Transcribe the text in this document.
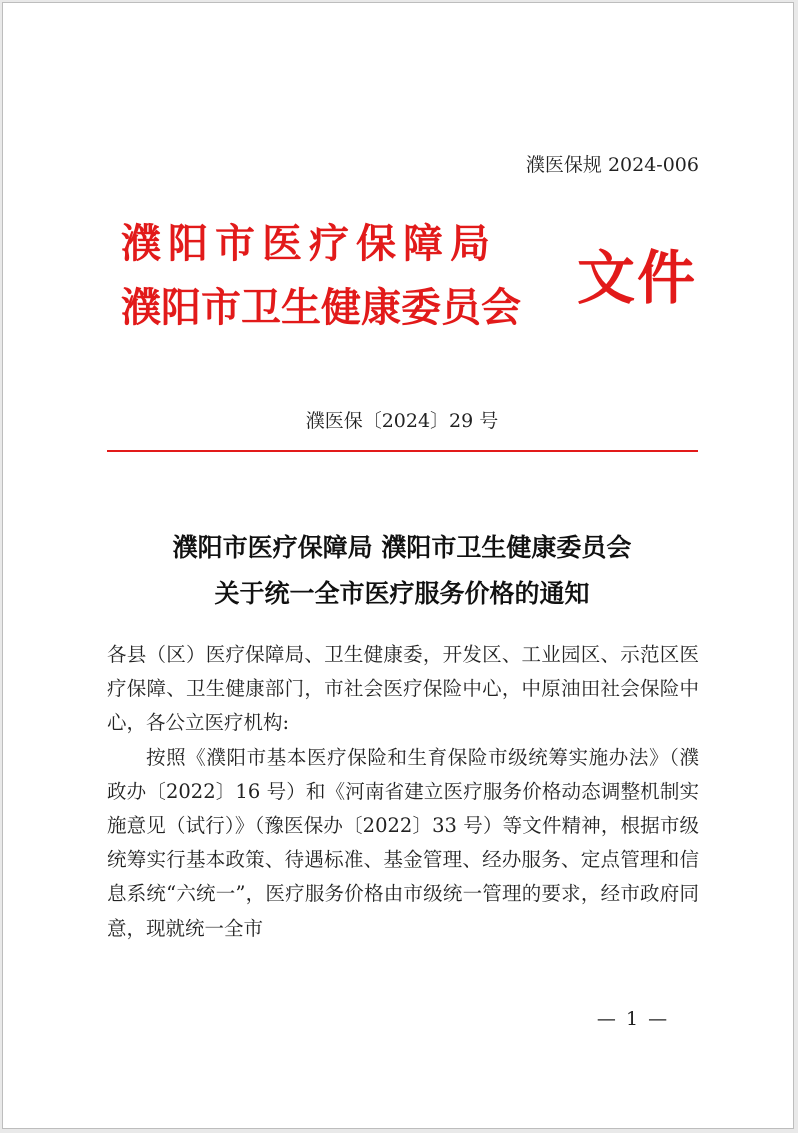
濮医保规 2024-006
濮阳市医疗保障局
濮阳市卫生健康委员会 文件
濮医保〔2024〕29 号
濮阳市医疗保障局 濮阳市卫生健康委员会
关于统一全市医疗服务价格的通知

各县（区）医疗保障局、卫生健康委，开发区、工业园区、示范区医疗保障、卫生健康部门，市社会医疗保险中心，中原油田社会保险中心，各公立医疗机构:

按照《濮阳市基本医疗保险和生育保险市级统筹实施办法》（濮政办〔2022〕16 号）和《河南省建立医疗服务价格动态调整机制实施意见（试行）》（豫医保办〔2022〕33 号）等文件精神，根据市级统筹实行基本政策、待遇标准、基金管理、经办服务、定点管理和信息系统“六统一”，医疗服务价格由市级统一管理的要求，经市政府同意，现就统一全市

— 1 —
